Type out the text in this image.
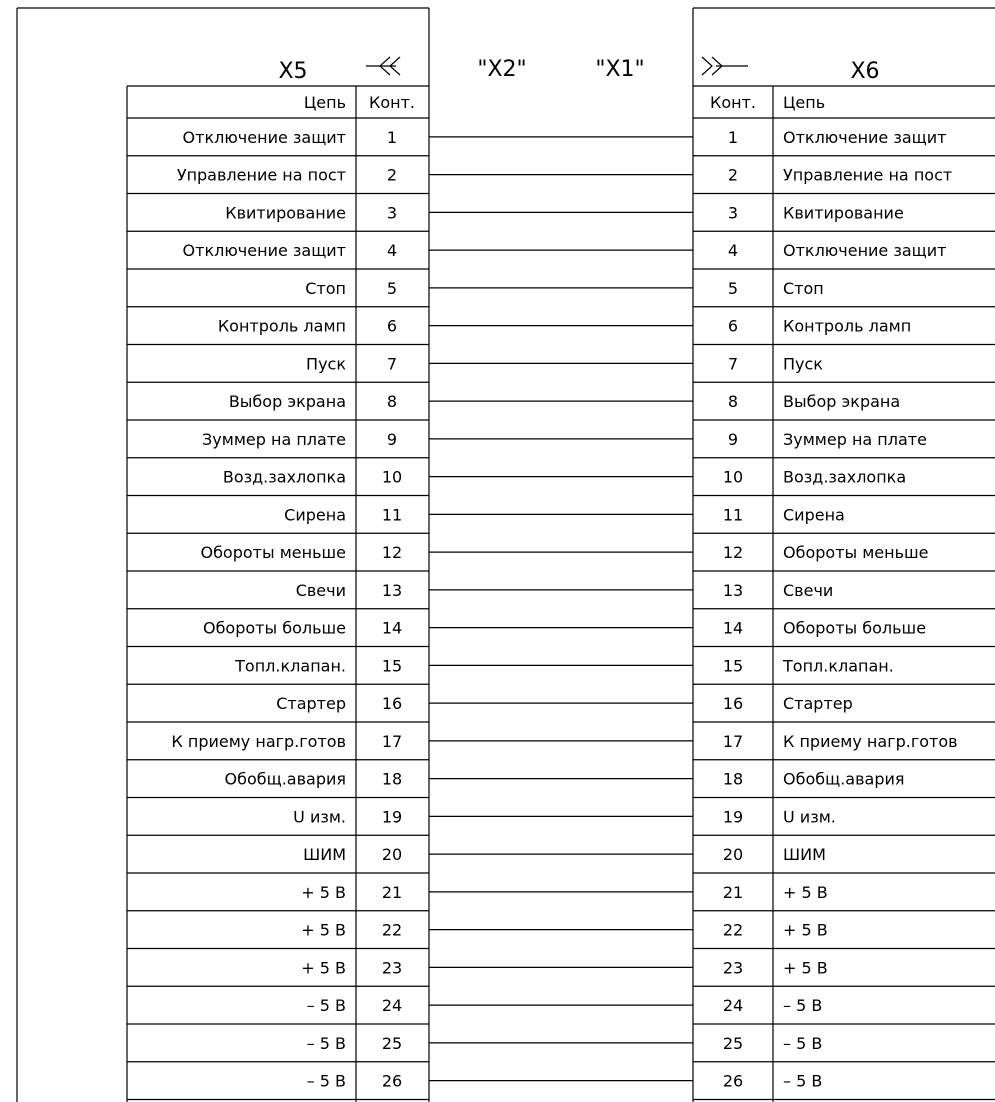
X5	X6
"X2"	"X1"
Цепь Конт.	Конт. Цепь
Отключение защит	1	1	Отключение защит
Управление на пост	2	2	Управление на пост
Квитирование	3	3	Квитирование
Отключение защит	4	4	Отключение защит
Стоп	5	5	Стоп
Контроль ламп	6	6	Контроль ламп
Пуск	7	7	Пуск
Выбор экрана	8	8	Выбор экрана
Зуммер на плате	9	9	Зуммер на плате
Возд.захлопка 10	10 Возд.захлопка
Сирена 11	11 Сирена
Обороты меньше 12	12 Обороты меньше
Свечи 13	13 Свечи
Обороты больше 14	14 Обороты больше
Топл.клапан. 15	15 Топл.клапан.
Стартер 16	16 Стартер
К приему нагр.готов 17	17 К приему нагр.готов
Обобщ.авария 18	18 Обобщ.авария
U изм. 19	19 U изм.
ШИМ 20	20 ШИМ
+ 5 В 21	21 + 5 В
+ 5 В 22	22 + 5 В
+ 5 В 23	23 + 5 В
– 5 В 24	24 – 5 В
– 5 В 25	25 – 5 В
– 5 В 26	26 – 5 В
